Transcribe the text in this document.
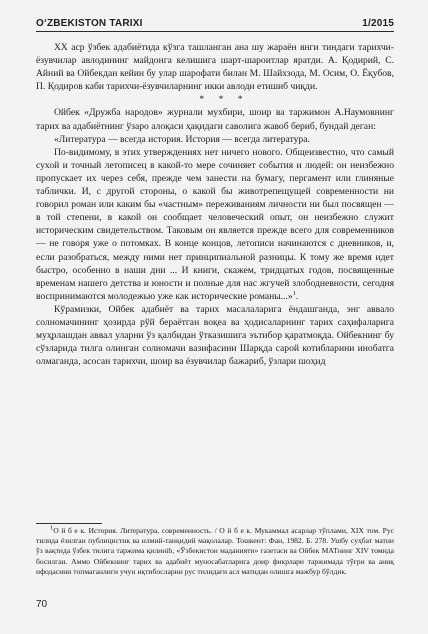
O‘ZBEKISTON TARIXI	1/2015

XX аср ўзбек адабиётида кўзга ташланган ана шу жараён янги тиндаги тарихчи-ёзувчилар авлодининг майдонга келишига шарт-шароитлар яратди. А. Қодирий, С. Айний ва Ойбекдан кейин бу улар шарофати билан М. Шайхзода, М. Осим, О. Ёқубов, П. Қодиров каби тарихчи-ёзувчиларнинг икки авлоди етишиб чиқди.

* * *

Ойбек «Дружба народов» журнали мухбири, шоир ва таржимон А.Наумовнинг тарих ва адабиётнинг ўзаро алоқаси ҳақидаги саволига жавоб бериб, бундай деган:

«Литература — всегда история. История — всегда литература.

По-видимому, в этих утверждениях нет ничего нового. Общеизвестно, что самый сухой и точный летописец в какой-то мере сочиняет события и людей: он неизбежно пропускает их через себя, прежде чем занести на бумагу, пергамент или глиняные таблички. И, с другой стороны, о какой бы животрепещущей современности ни говорил роман или каким бы «частным» переживаниям личности ни был посвящен — в той степени, в какой он сообщает человеческий опыт, он неизбежно служит историческим свидетельством. Таковым он является прежде всего для современников — не говоря уже о потомках. В конце концов, летописи начинаются с дневников, и, если разобраться, между ними нет принципиальной разницы. К тому же время идет быстро, особенно в наши дни ... И книги, скажем, тридцатых годов, посвященные временам нашего детства и юности и полные для нас жгучей злободневности, сегодня воспринимаются молодежью уже как исторические романы...»$^1$.

Кўрамизки, Ойбек адабиёт ва тарих масалаларига ёндашганда, энг аввало солномачининг ҳозирда рўй бераётган воқеа ва ҳодисаларнинг тарих саҳифаларига муҳрлашдан аввал уларни ўз қалбидан ўтказишига эътибор қаратмоқда. Ойбекнинг бу сўзларида тилга олинган солномачи вазифасини Шарқда сарой котибларини инобатга олмаганда, асосан тарихчи, шоир ва ёзувчилар бажариб, ўзлари шоҳид

$^1$О й б е к. История. Литература, современность. / О й б е к. Мукаммал асарлар тўплами, XIX том. Рус тилида ёзилган публицистик ва илмий-танқидий мақолалар. Тошкент: Фан, 1982. Б. 278. Ушбу суҳбат матни ўз вақтида ўзбек тилига таржима қилинib, «Ўзбекистон маданияти» газетаси ва Ойбек МАТнинг XIV томида босилган. Аммо Ойбекнинг тарих ва адабиёт муносабатларига доир фикрлари таржимада тўғри ва аниқ ифодасини топмаганлиги учун иқтибосларни рус тилидаги асл матндан олишга мажбур бўлдик.

70
